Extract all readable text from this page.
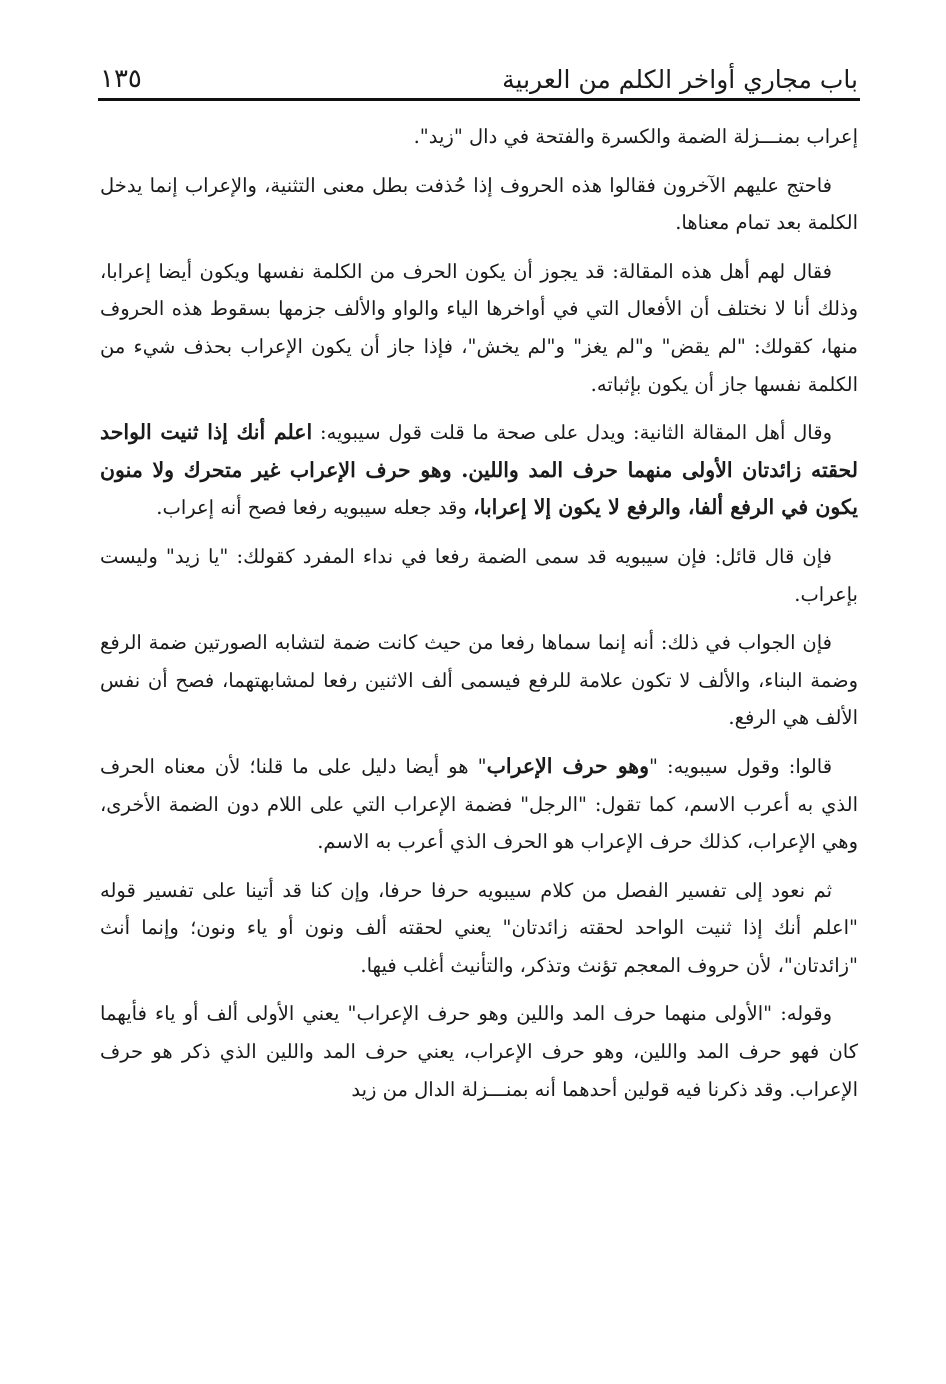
باب مجاري أواخر الكلم من العربية
١٣٥

إعراب بمنـــزلة الضمة والكسرة والفتحة في دال "زيد".

فاحتج عليهم الآخرون فقالوا هذه الحروف إذا حُذفت بطل معنى التثنية، والإعراب إنما يدخل الكلمة بعد تمام معناها.

فقال لهم أهل هذه المقالة: قد يجوز أن يكون الحرف من الكلمة نفسها ويكون أيضا إعرابا، وذلك أنا لا نختلف أن الأفعال التي في أواخرها الياء والواو والألف جزمها بسقوط هذه الحروف منها، كقولك: "لم يقض" و"لم يغز" و"لم يخش"، فإذا جاز أن يكون الإعراب بحذف شيء من الكلمة نفسها جاز أن يكون بإثباته.

وقال أهل المقالة الثانية: ويدل على صحة ما قلت قول سيبويه: اعلم أنك إذا ثنيت الواحد لحقته زائدتان الأولى منهما حرف المد واللين. وهو حرف الإعراب غير متحرك ولا منون يكون في الرفع ألفا، والرفع لا يكون إلا إعرابا، وقد جعله سيبويه رفعا فصح أنه إعراب.

فإن قال قائل: فإن سيبويه قد سمى الضمة رفعا في نداء المفرد كقولك: "يا زيد" وليست بإعراب.

فإن الجواب في ذلك: أنه إنما سماها رفعا من حيث كانت ضمة لتشابه الصورتين ضمة الرفع وضمة البناء، والألف لا تكون علامة للرفع فيسمى ألف الاثنين رفعا لمشابهتهما، فصح أن نفس الألف هي الرفع.

قالوا: وقول سيبويه: "وهو حرف الإعراب" هو أيضا دليل على ما قلنا؛ لأن معناه الحرف الذي به أعرب الاسم، كما تقول: "الرجل" فضمة الإعراب التي على اللام دون الضمة الأخرى، وهي الإعراب، كذلك حرف الإعراب هو الحرف الذي أعرب به الاسم.

ثم نعود إلى تفسير الفصل من كلام سيبويه حرفا حرفا، وإن كنا قد أتينا على تفسير قوله "اعلم أنك إذا ثنيت الواحد لحقته زائدتان" يعني لحقته ألف ونون أو ياء ونون؛ وإنما أنث "زائدتان"، لأن حروف المعجم تؤنث وتذكر، والتأنيث أغلب فيها.

وقوله: "الأولى منهما حرف المد واللين وهو حرف الإعراب" يعني الأولى ألف أو ياء فأيهما كان فهو حرف المد واللين، وهو حرف الإعراب، يعني حرف المد واللين الذي ذكر هو حرف الإعراب. وقد ذكرنا فيه قولين أحدهما أنه بمنـــزلة الدال من زيد
